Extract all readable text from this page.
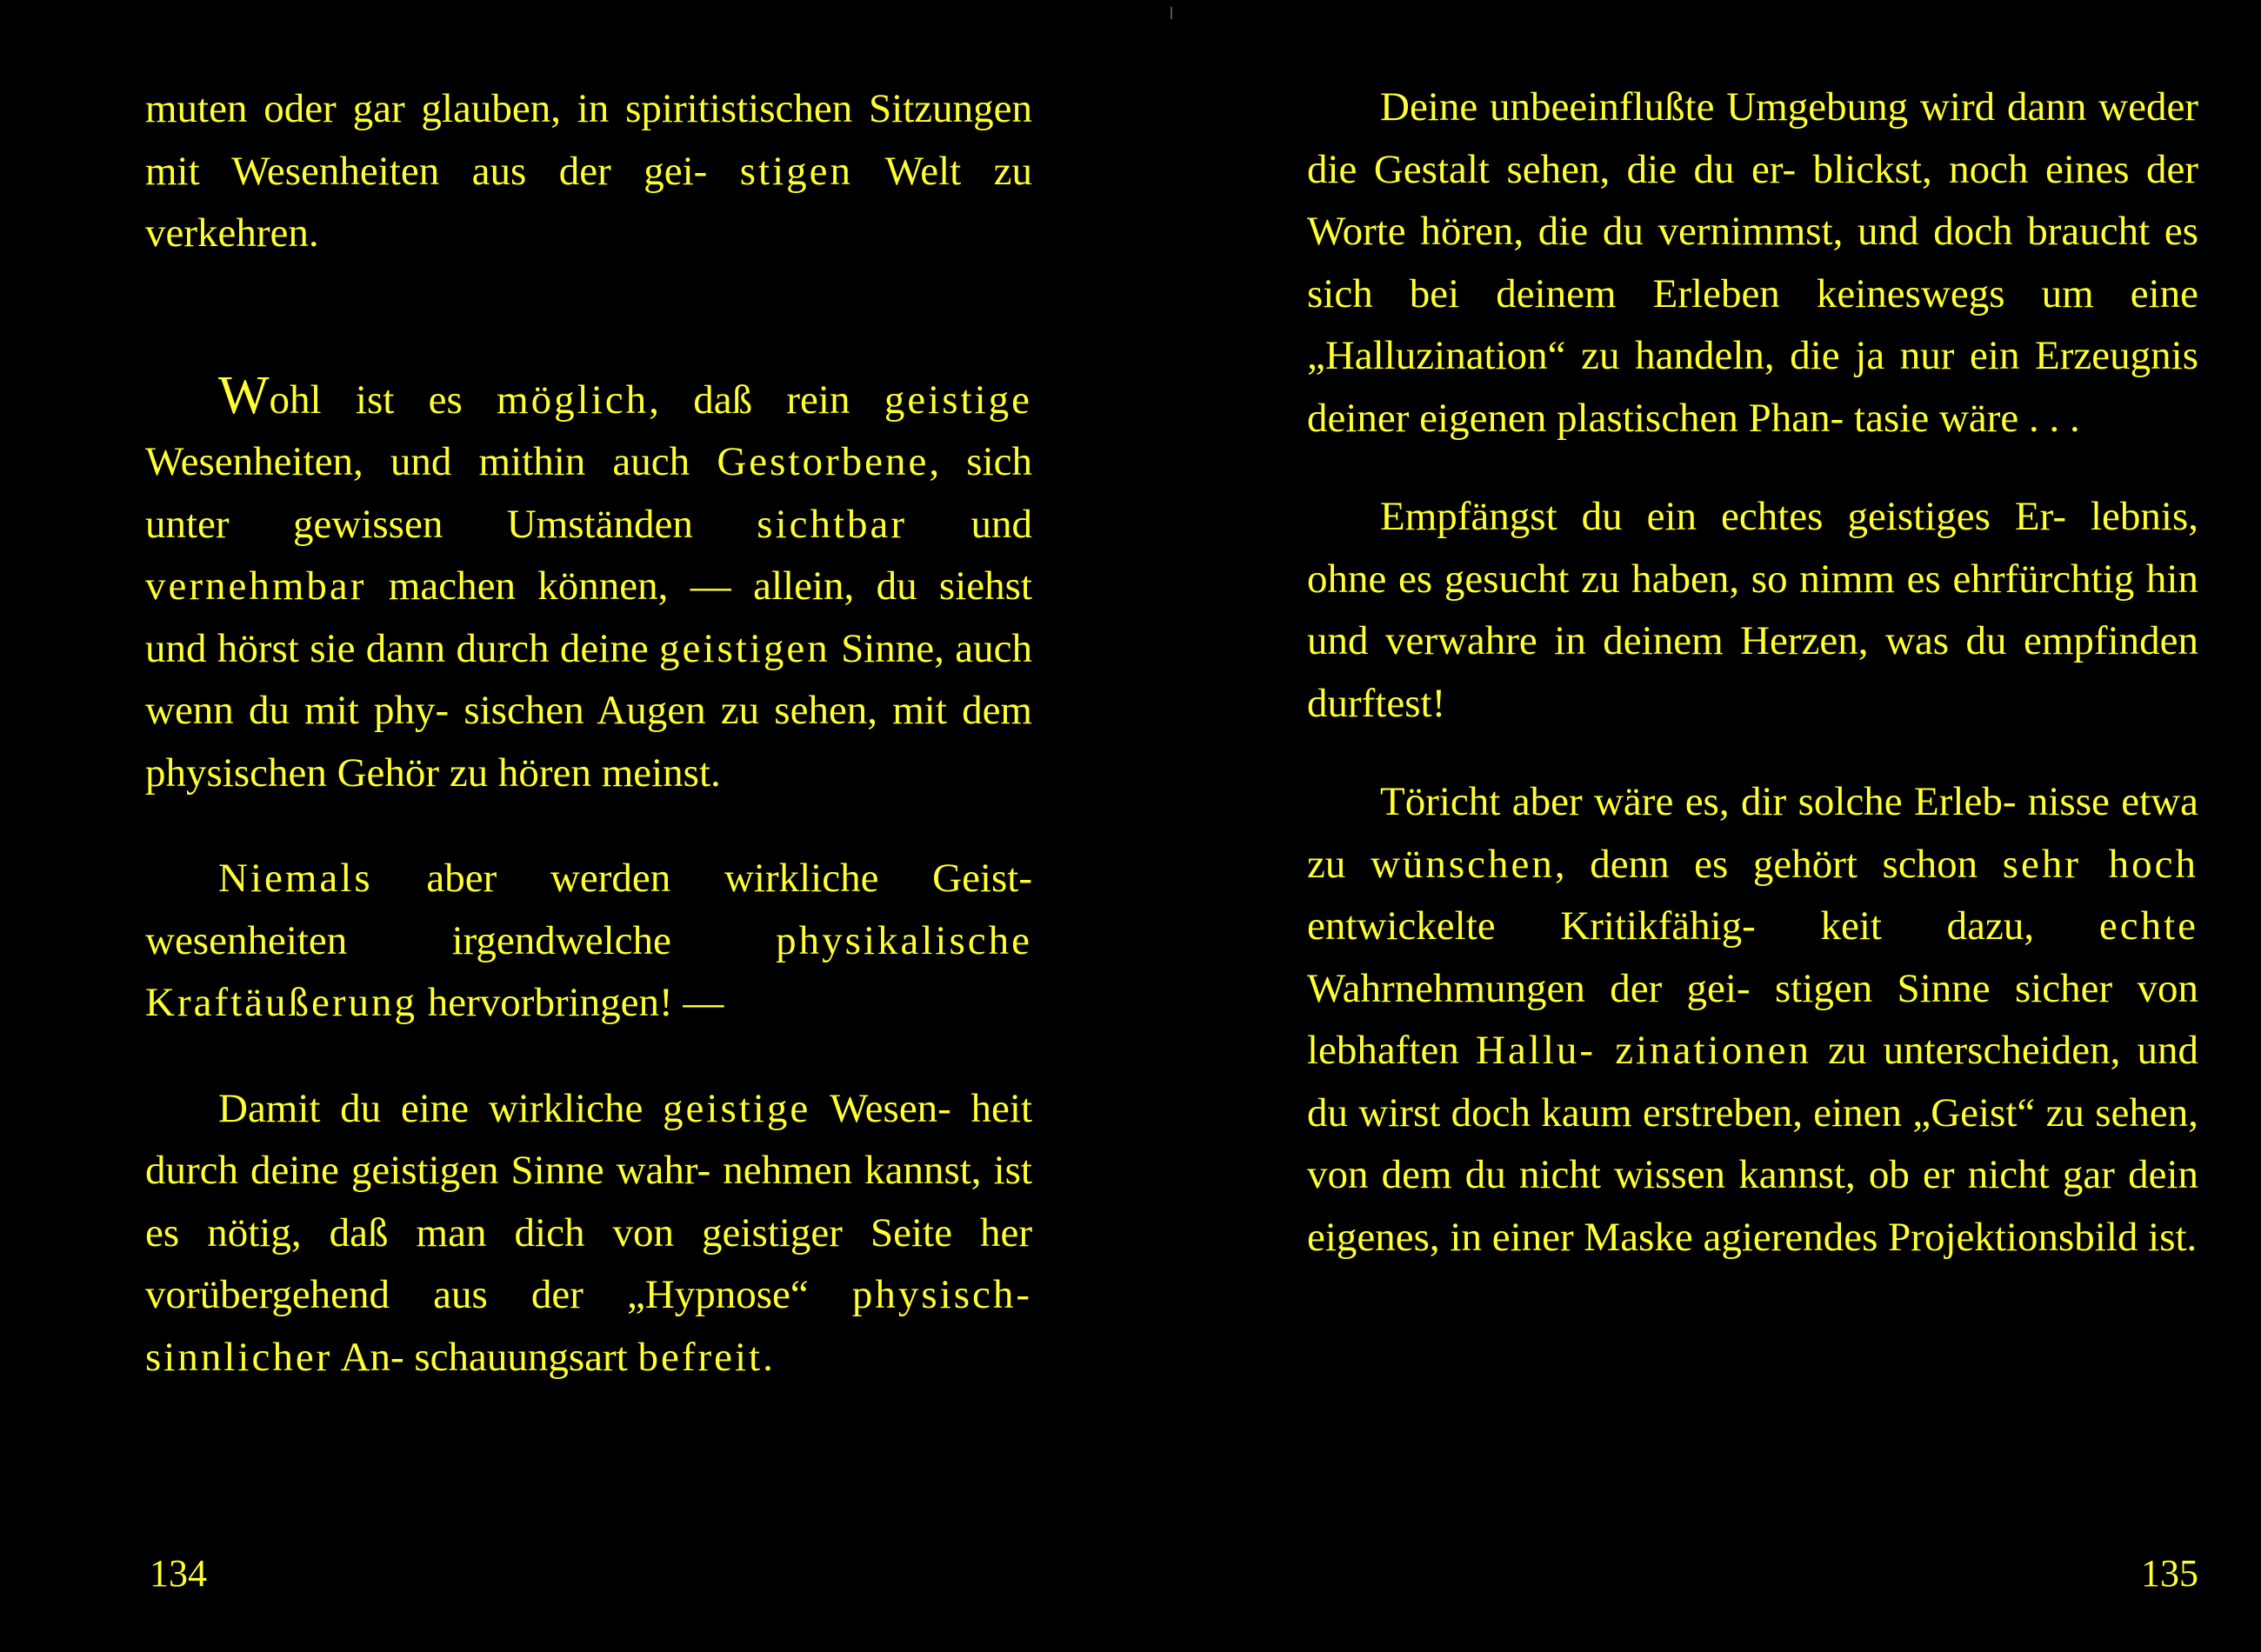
muten oder gar glauben, in spiritistischen Sitzungen mit Wesenheiten aus der gei- stigen Welt zu verkehren.

Wohl ist es möglich, daß rein geistige Wesenheiten, und mithin auch Gestorbene, sich unter gewissen Umständen sichtbar und vernehmbar machen können, — allein, du siehst und hörst sie dann durch deine geistigen Sinne, auch wenn du mit phy- sischen Augen zu sehen, mit dem physischen Gehör zu hören meinst.

Niemals aber werden wirkliche Geist- wesenheiten irgendwelche physikalische Kraftäußerung hervorbringen! —

Damit du eine wirkliche geistige Wesen- heit durch deine geistigen Sinne wahr- nehmen kannst, ist es nötig, daß man dich von geistiger Seite her vorübergehend aus der „Hypnose“ physisch-sinnlicher An- schauungsart befreit.

134

Deine unbeeinflußte Umgebung wird dann weder die Gestalt sehen, die du er- blickst, noch eines der Worte hören, die du vernimmst, und doch braucht es sich bei deinem Erleben keineswegs um eine „Halluzination“ zu handeln, die ja nur ein Erzeugnis deiner eigenen plastischen Phan- tasie wäre . . .

Empfängst du ein echtes geistiges Er- lebnis, ohne es gesucht zu haben, so nimm es ehrfürchtig hin und verwahre in deinem Herzen, was du empfinden durftest!

Töricht aber wäre es, dir solche Erleb- nisse etwa zu wünschen, denn es gehört schon sehr hoch entwickelte Kritikfähig- keit dazu, echte Wahrnehmungen der gei- stigen Sinne sicher von lebhaften Hallu- zinationen zu unterscheiden, und du wirst doch kaum erstreben, einen „Geist“ zu sehen, von dem du nicht wissen kannst, ob er nicht gar dein eigenes, in einer Maske agierendes Projektionsbild ist.

135
